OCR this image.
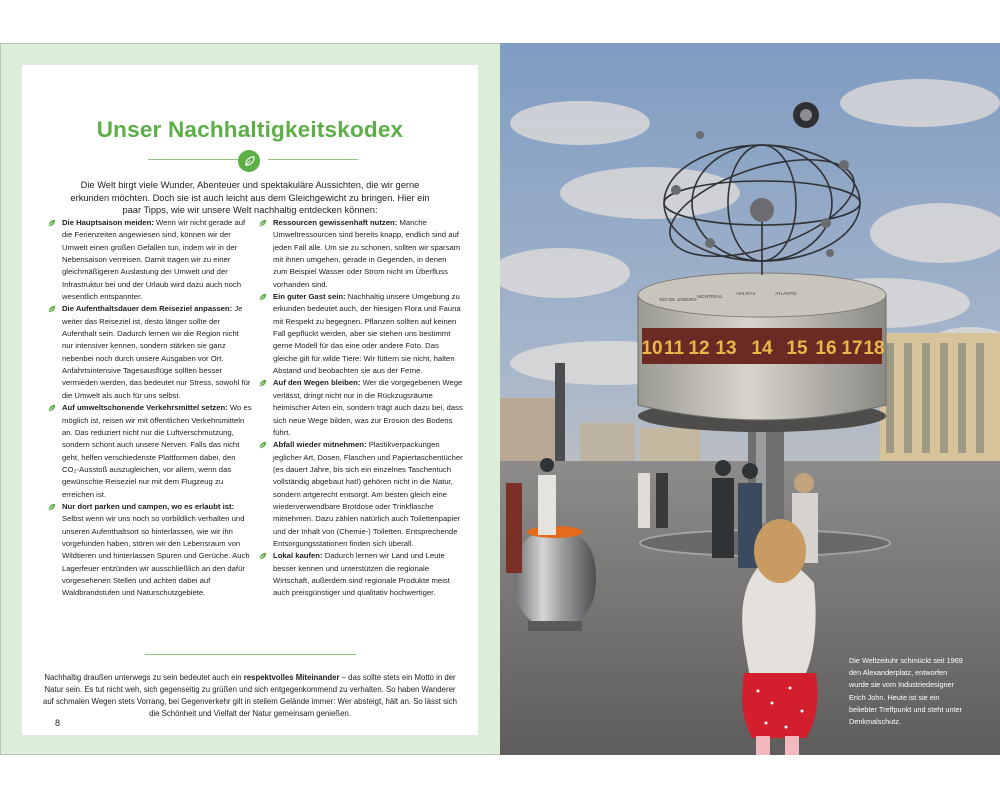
Unser Nachhaltigkeitskodex
Die Welt birgt viele Wunder, Abenteuer und spektakuläre Aussichten, die wir gerne erkunden möchten. Doch sie ist auch leicht aus dem Gleichgewicht zu bringen. Hier ein paar Tipps, wie wir unsere Welt nachhaltig entdecken können:
Die Hauptsaison meiden: Wenn wir nicht gerade auf die Ferienzeiten angewiesen sind, können wir der Umwelt einen großen Gefallen tun, indem wir in der Nebensaison verreisen. Damit tragen wir zu einer gleichmäßigeren Auslastung der Umwelt und der Infrastruktur bei und der Urlaub wird dazu auch noch wesentlich entspannter.
Die Aufenthaltsdauer dem Reiseziel anpassen: Je weiter das Reiseziel ist, desto länger sollte der Aufenthalt sein. Dadurch lernen wir die Region nicht nur intensiver kennen, sondern stärken sie ganz nebenbei noch durch unsere Ausgaben vor Ort. Anfahrtsintensive Tagesausflüge sollten besser vermieden werden, das bedeutet nur Stress, sowohl für die Umwelt als auch für uns selbst.
Auf umweltschonende Verkehrsmittel setzen: Wo es möglich ist, reisen wir mit öffentlichen Verkehrsmitteln an. Das reduziert nicht nur die Luftverschmutzung, sondern schont auch unsere Nerven. Falls das nicht geht, helfen verschiedenste Plattformen dabei, den CO₂-Ausstoß auszugleichen, vor allem, wenn das gewünschte Reiseziel nur mit dem Flugzeug zu erreichen ist.
Nur dort parken und campen, wo es erlaubt ist: Selbst wenn wir uns noch so vorbildlich verhalten und unseren Aufenthaltsort so hinterlassen, wie wir ihn vorgefunden haben, stören wir den Lebensraum von Wildtieren und hinterlassen Spuren und Gerüche. Auch Lagerfeuer entzünden wir ausschließlich an den dafür vorgesehenen Stellen und achten dabei auf Waldbrandstufen und Naturschutzgebiete.
Ressourcen gewissenhaft nutzen: Manche Umweltressourcen sind bereits knapp, endlich sind auf jeden Fall alle. Um sie zu schonen, sollten wir sparsam mit ihnen umgehen, gerade in Gegenden, in denen zum Beispiel Wasser oder Strom nicht im Überfluss vorhanden sind.
Ein guter Gast sein: Nachhaltig unsere Umgebung zu erkunden bedeutet auch, der hiesigen Flora und Fauna mit Respekt zu begegnen. Pflanzen sollten auf keinen Fall gepflückt werden, aber sie stehen uns bestimmt gerne Modell für das eine oder andere Foto. Das gleiche gilt für wilde Tiere: Wir füttern sie nicht, halten Abstand und beobachten sie aus der Ferne.
Auf den Wegen bleiben: Wer die vorgegebenen Wege verlässt, dringt nicht nur in die Rückzugsräume heimischer Arten ein, sondern trägt auch dazu bei, dass sich neue Wege bilden, was zur Erosion des Bodens führt.
Abfall wieder mitnehmen: Plastikverpackungen jeglicher Art, Dosen, Flaschen und Papiertaschentücher (es dauert Jahre, bis sich ein einzelnes Taschentuch vollständig abgebaut hat!) gehören nicht in die Natur, sondern artgerecht entsorgt. Am besten gleich eine wiederverwendbare Brotdose oder Trinkflasche mitnehmen. Dazu zählen natürlich auch Toilettenpapier und der Inhalt von (Chemie-) Toiletten. Entsprechende Entsorgungsstationen finden sich überall.
Lokal kaufen: Dadurch lernen wir Land und Leute besser kennen und unterstützen die regionale Wirtschaft, außerdem sind regionale Produkte meist auch preisgünstiger und qualitativ hochwertiger.
Nachhaltig draußen unterwegs zu sein bedeutet auch ein respektvolles Miteinander – das sollte stets ein Motto in der Natur sein. Es tut nicht weh, sich gegenseitig zu grüßen und sich entgegenkommend zu verhalten. So haben Wanderer auf schmalen Wegen stets Vorrang, bei Gegenverkehr gilt in steilem Gelände immer: Wer absteigt, hält an. So lässt sich die Schönheit und Vielfalt der Natur gemeinsam genießen.
8
10 11 12 13 14 15 16 17 18
RIO DE JANEIRO
MONTREAL
HALIFAX	ATLANTIC
Die Weltzeituhr schmückt seit 1969 den Alexanderplatz, entworfen wurde sie vom Industriedesigner Erich John. Heute ist sie ein beliebter Treffpunkt und steht unter Denkmalschutz.
